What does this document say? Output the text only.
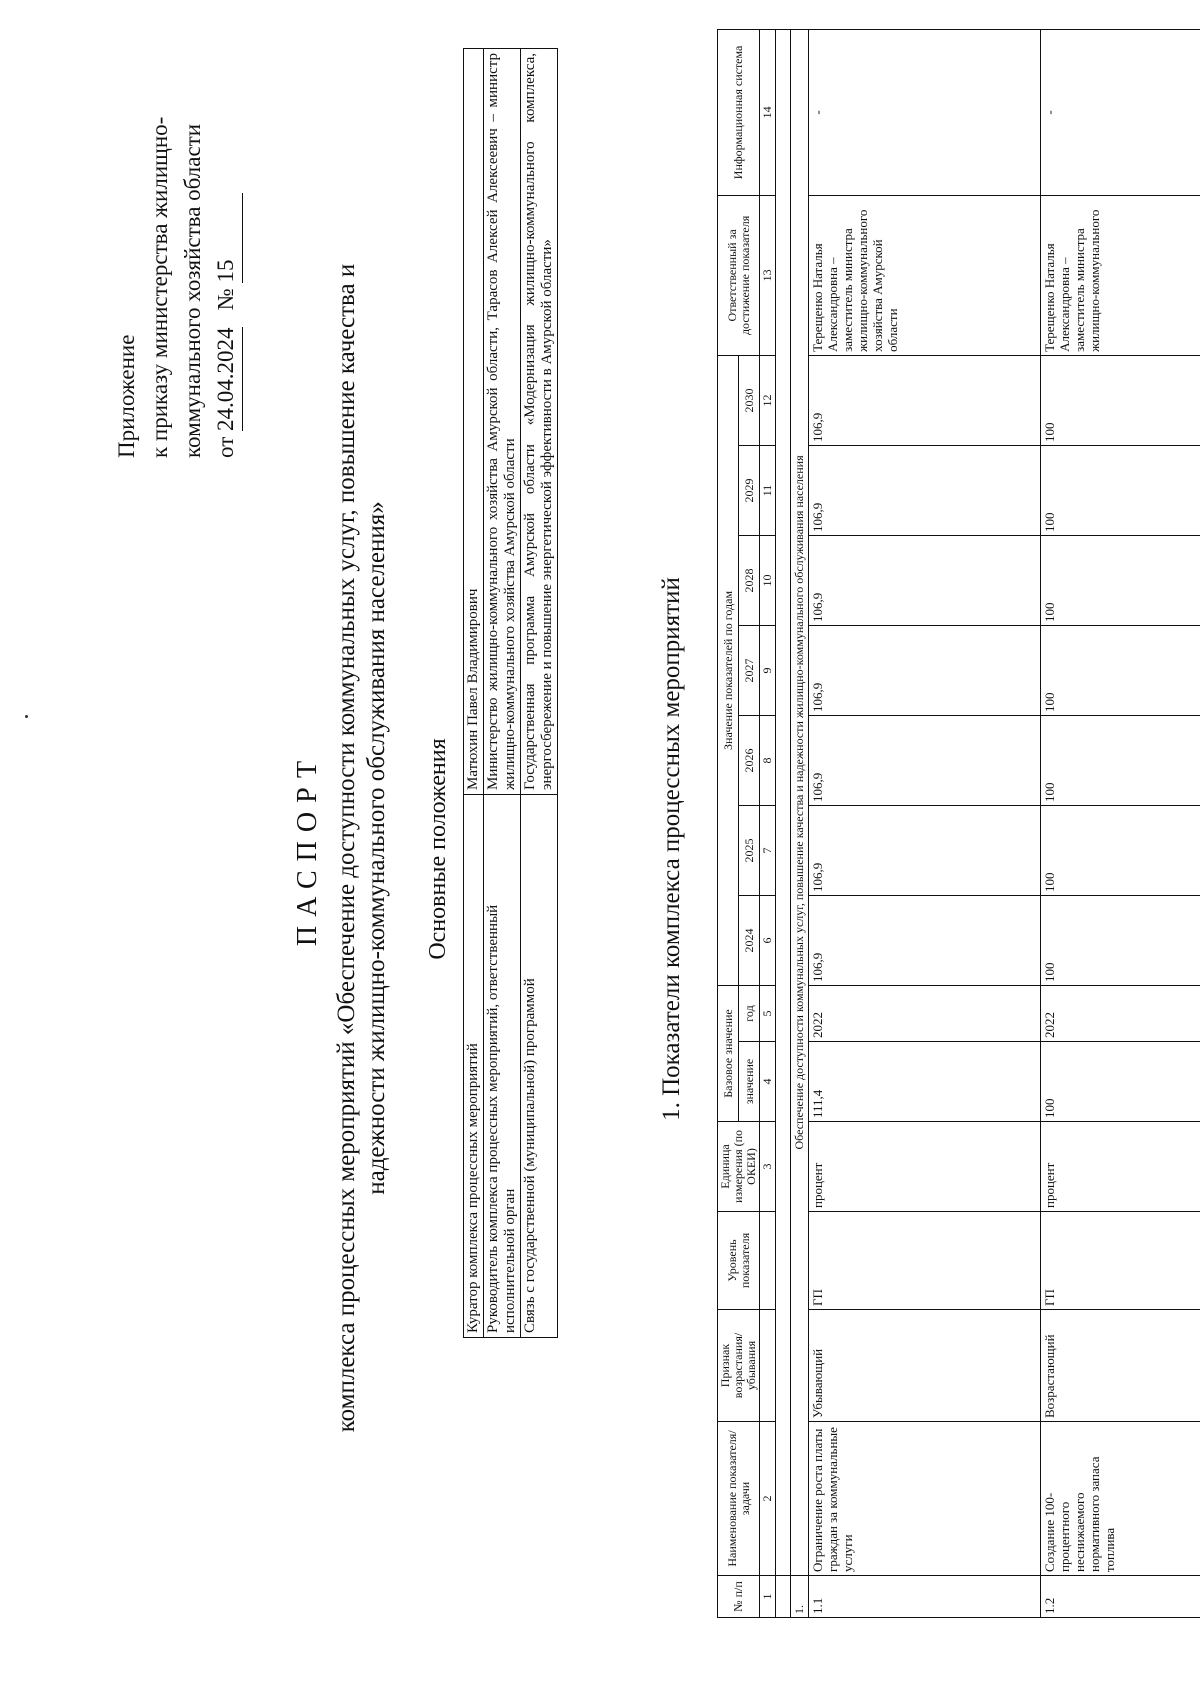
Приложение к приказу министерства жилищно- коммунального хозяйства области от 24.04.2024   № 15
ПАСПОРТ комплекса процессных мероприятий «Обеспечение доступности коммунальных услуг, повышение качества и надежности жилищно-коммунального обслуживания населения» Основные положения
Куратор комплекса процессных мероприятий	Матюхин Павел Владимирович
Руководитель комплекса процессных мероприятий, ответственный исполнительной орган	Министерство жилищно-коммунального хозяйства Амурской области, Тарасов Алексей Алексеевич – министр жилищно-коммунального хозяйства Амурской области
Связь с государственной (муниципальной) программой	Государственная программа Амурской области «Модернизация жилищно-коммунального комплекса, энергосбережение и повышение энергетической эффективности в Амурской области»
1. Показатели комплекса процессных мероприятий
№ п/п	Наименование показателя/ задачи	Признак возрастания/ убывания	Уровень показателя	Единица измерения (по ОКЕИ)	Базовое значение		Значение показателей по годам							Ответственный за достижение показателя	Информационная система
					значение	год	2024	2025	2026	2027	2028	2029	2030		
1	2			3	4	5	6	7	8	9	10	11	12	13	14

1.	Обеспечение доступности коммунальных услуг, повышение качества и надежности жилищно-коммунального обслуживания населения														
1.1	Ограничение роста платы граждан за коммунальные услуги	Убывающий	ГП	процент	111,4	2022	106,9	106,9	106,9	106,9	106,9	106,9	106,9	Терещенко Наталья Александровна – заместитель министра жилищно-коммунального хозяйства Амурской области	-
1.2	Создание 100-процентного неснижаемого нормативного запаса топлива	Возрастающий	ГП	процент	100	2022	100	100	100	100	100	100	100	Терещенко Наталья Александровна – заместитель министра жилищно-коммунального	-
